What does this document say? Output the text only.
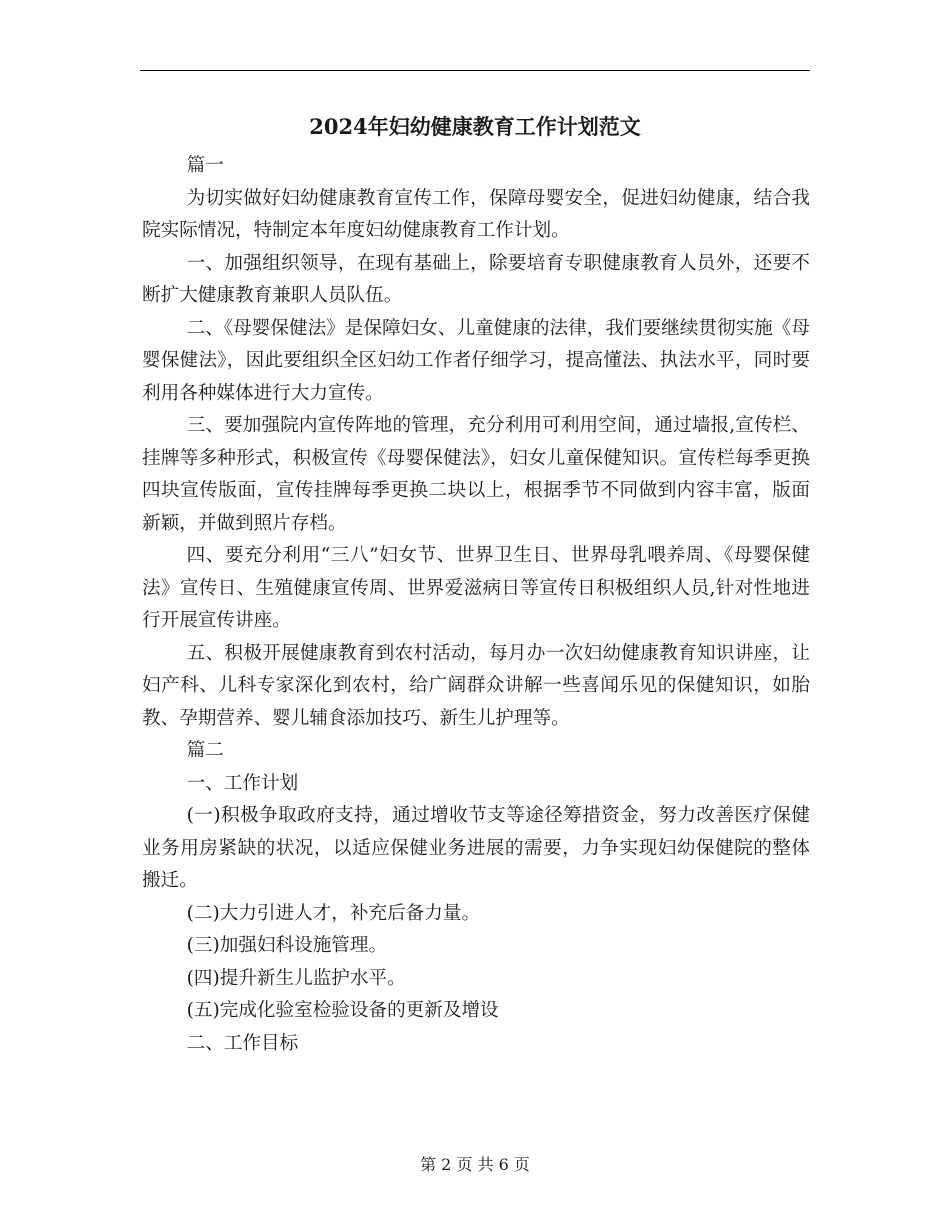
2024年妇幼健康教育工作计划范文

篇一

为切实做好妇幼健康教育宣传工作，保障母婴安全，促进妇幼健康，结合我院实际情况，特制定本年度妇幼健康教育工作计划。

一、加强组织领导，在现有基础上，除要培育专职健康教育人员外，还要不断扩大健康教育兼职人员队伍。

二、《母婴保健法》是保障妇女、儿童健康的法律，我们要继续贯彻实施《母婴保健法》，因此要组织全区妇幼工作者仔细学习，提高懂法、执法水平，同时要利用各种媒体进行大力宣传。

三、要加强院内宣传阵地的管理，充分利用可利用空间，通过墙报,宣传栏、挂牌等多种形式，积极宣传《母婴保健法》，妇女儿童保健知识。宣传栏每季更换四块宣传版面，宣传挂牌每季更换二块以上，根据季节不同做到内容丰富，版面新颖，并做到照片存档。

四、要充分利用“三八”妇女节、世界卫生日、世界母乳喂养周、《母婴保健法》宣传日、生殖健康宣传周、世界爱滋病日等宣传日积极组织人员,针对性地进行开展宣传讲座。

五、积极开展健康教育到农村活动，每月办一次妇幼健康教育知识讲座，让妇产科、儿科专家深化到农村，给广阔群众讲解一些喜闻乐见的保健知识，如胎教、孕期营养、婴儿辅食添加技巧、新生儿护理等。

篇二

一、工作计划

(一)积极争取政府支持，通过增收节支等途径筹措资金，努力改善医疗保健业务用房紧缺的状况，以适应保健业务进展的需要，力争实现妇幼保健院的整体搬迁。

(二)大力引进人才，补充后备力量。

(三)加强妇科设施管理。

(四)提升新生儿监护水平。

(五)完成化验室检验设备的更新及增设

二、工作目标

第 2 页 共 6 页
